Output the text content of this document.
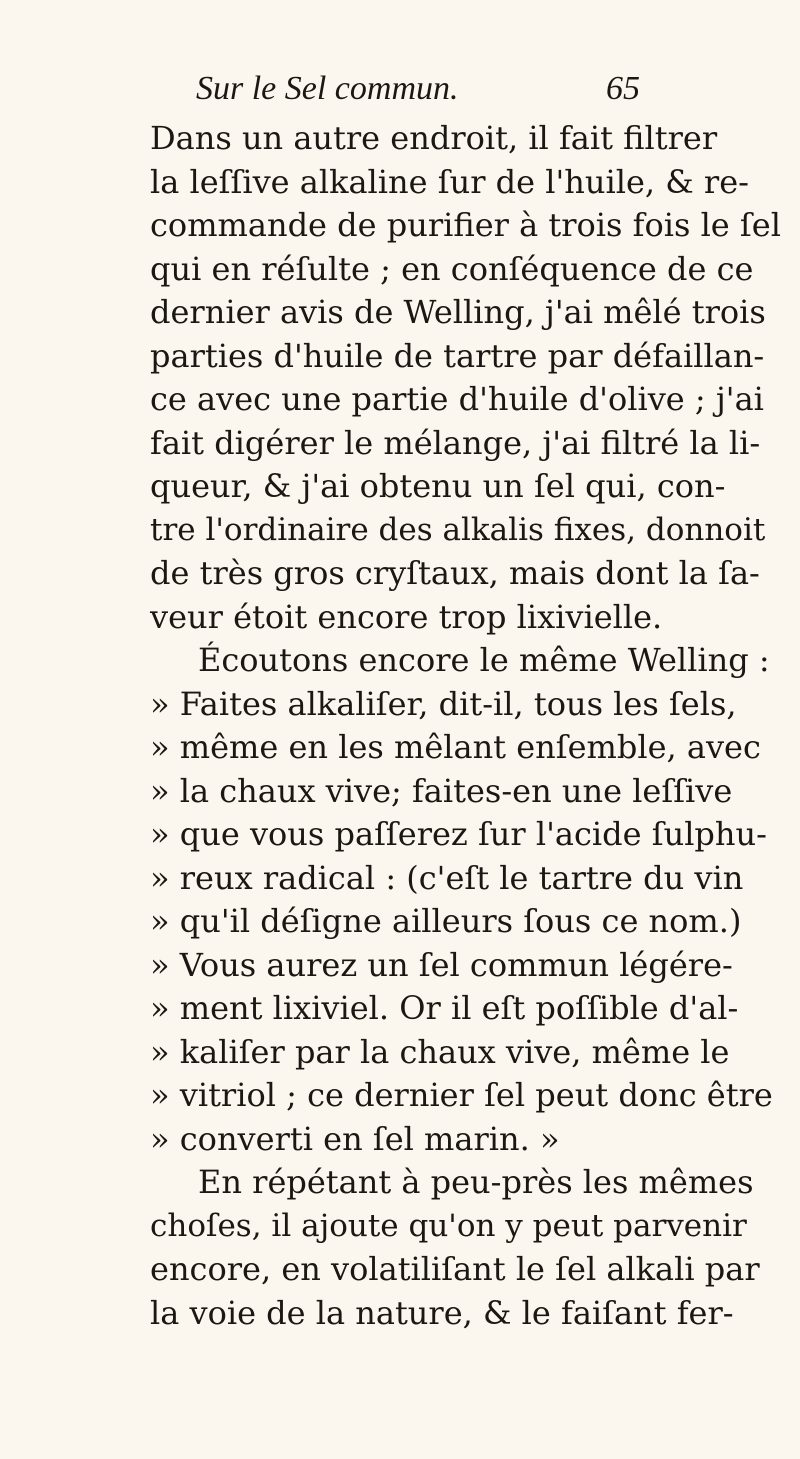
Sur le Sel commun.	65
Dans un autre endroit, il fait filtrer
la leſſive alkaline ſur de l'huile, & re-
commande de purifier à trois fois le ſel
qui en réſulte ; en conſéquence de ce
dernier avis de Welling, j'ai mêlé trois
parties d'huile de tartre par défaillan-
ce avec une partie d'huile d'olive ; j'ai
fait digérer le mélange, j'ai filtré la li-
queur, & j'ai obtenu un ſel qui, con-
tre l'ordinaire des alkalis fixes, donnoit
de très gros cryſtaux, mais dont la ſa-
veur étoit encore trop lixivielle.
Écoutons encore le même Welling :
» Faites alkaliſer, dit-il, tous les ſels,
» même en les mêlant enſemble, avec
» la chaux vive; faites-en une leſſive
» que vous paſſerez ſur l'acide ſulphu-
» reux radical : (c'eſt le tartre du vin
» qu'il déſigne ailleurs ſous ce nom.)
» Vous aurez un ſel commun légére-
» ment lixiviel. Or il eſt poſſible d'al-
» kaliſer par la chaux vive, même le
» vitriol ; ce dernier ſel peut donc être
» converti en ſel marin. »
En répétant à peu-près les mêmes
choſes, il ajoute qu'on y peut parvenir
encore, en volatiliſant le ſel alkali par
la voie de la nature, & le faiſant fer-
